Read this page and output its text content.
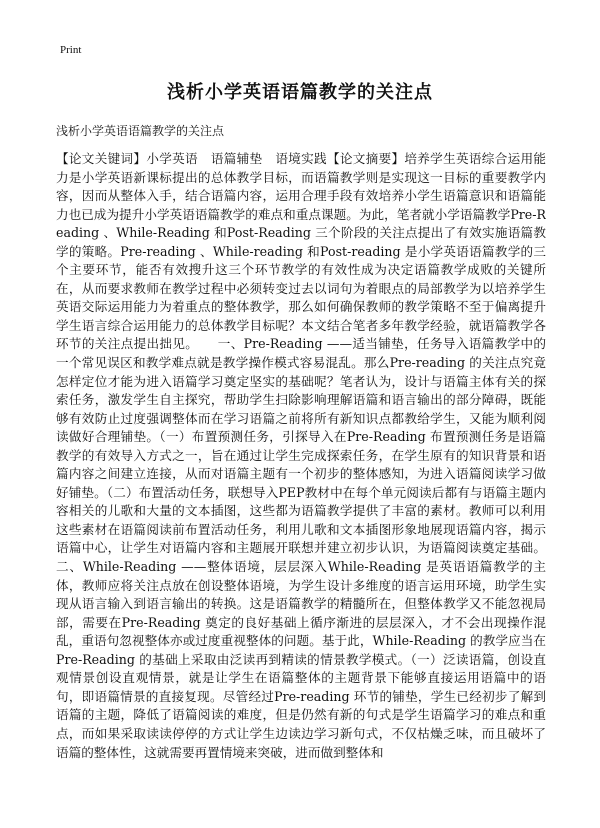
Print
浅析小学英语语篇教学的关注点
浅析小学英语语篇教学的关注点
【论文关键词】小学英语　语篇辅垫　语境实践【论文摘要】培养学生英语综合运用能力是小学英语新课标提出的总体教学目标，而语篇教学则是实现这一目标的重要教学内容，因而从整体入手，结合语篇内容，运用合理手段有效培养小学生语篇意识和语篇能力也已成为提升小学英语语篇教学的难点和重点课题。为此，笔者就小学语篇教学Pre-Reading 、While-Reading 和Post-Reading 三个阶段的关注点提出了有效实施语篇教学的策略。Pre-reading 、While-reading 和Post-reading 是小学英语语篇教学的三个主要环节，能否有效搜升这三个环节教学的有效性成为决定语篇教学成败的关键所在，从而要求教师在教学过程中必须转变过去以词句为着眼点的局部教学为以培养学生英语交际运用能力为着重点的整体教学，那么如何确保教师的教学策略不至于偏离提升学生语言综合运用能力的总体教学目标呢？本文结合笔者多年教学经验，就语篇教学各环节的关注点提出拙见。　　一、Pre-Reading ——适当铺垫，任务导入语篇教学中的一个常见误区和教学难点就是教学操作模式容易混乱。那么Pre-reading 的关注点究竟怎样定位才能为进入语篇学习奠定坚实的基础呢？笔者认为，设计与语篇主体有关的探索任务，激发学生自主探究，帮助学生扫除影响理解语篇和语言输出的部分障碍，既能够有效防止过度强调整体而在学习语篇之前将所有新知识点都教给学生，又能为顺利阅读做好合理铺垫。（一）布置预测任务，引探导入在Pre-Reading 布置预测任务是语篇教学的有效导入方式之一，旨在通过让学生完成探索任务，在学生原有的知识背景和语篇内容之间建立连接，从而对语篇主题有一个初步的整体感知，为进入语篇阅读学习做好铺垫。（二）布置活动任务，联想导入PEP教材中在每个单元阅读后都有与语篇主题内容相关的儿歌和大量的文本插图，这些都为语篇教学提供了丰富的素材。教师可以利用这些素材在语篇阅读前布置活动任务，利用儿歌和文本插图形象地展现语篇内容，揭示语篇中心，让学生对语篇内容和主题展开联想并建立初步认识，为语篇阅读奠定基础。二、While-Reading ——整体语境，层层深入While-Reading 是英语语篇教学的主体，教师应将关注点放在创设整体语境，为学生设计多维度的语言运用环境，助学生实现从语言输入到语言输出的转换。这是语篇教学的精髓所在，但整体教学又不能忽视局部，需要在Pre-Reading 奠定的良好基础上循序渐进的层层深入，才不会出现操作混乱，重语句忽视整体亦或过度重视整体的问题。基于此，While-Reading 的教学应当在Pre-Reading 的基础上采取由泛读再到精读的情景教学模式。（一）泛读语篇，创设直观情景创设直观情景，就是让学生在语篇整体的主题背景下能够直接运用语篇中的语句，即语篇情景的直接复现。尽管经过Pre-reading 环节的铺垫，学生已经初步了解到语篇的主题，降低了语篇阅读的难度，但是仍然有新的句式是学生语篇学习的难点和重点，而如果采取读读停停的方式让学生边读边学习新句式，不仅枯燥乏味，而且破坏了语篇的整体性，这就需要再置情境来突破，进而做到整体和
